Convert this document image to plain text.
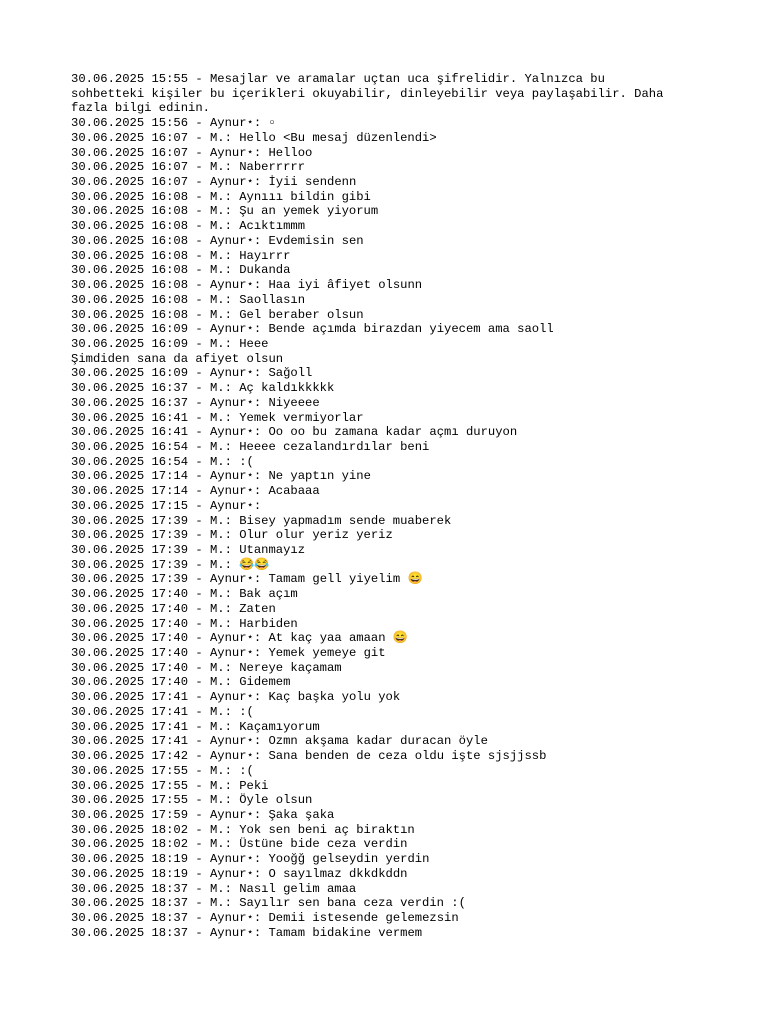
30.06.2025 15:55 - Mesajlar ve aramalar uçtan uca şifrelidir. Yalnızca bu
sohbetteki kişiler bu içerikleri okuyabilir, dinleyebilir veya paylaşabilir. Daha
fazla bilgi edinin.
30.06.2025 15:56 - Aynur⋆: ▫
30.06.2025 16:07 - M.: Hello <Bu mesaj düzenlendi>
30.06.2025 16:07 - Aynur⋆: Helloo
30.06.2025 16:07 - M.: Naberrrrr
30.06.2025 16:07 - Aynur⋆: İyii sendenn
30.06.2025 16:08 - M.: Aynııı bildin gibi
30.06.2025 16:08 - M.: Şu an yemek yiyorum
30.06.2025 16:08 - M.: Acıktımmm
30.06.2025 16:08 - Aynur⋆: Evdemisin sen
30.06.2025 16:08 - M.: Hayırrr
30.06.2025 16:08 - M.: Dukanda
30.06.2025 16:08 - Aynur⋆: Haa iyi âfiyet olsunn
30.06.2025 16:08 - M.: Saollasın
30.06.2025 16:08 - M.: Gel beraber olsun
30.06.2025 16:09 - Aynur⋆: Bende açımda birazdan yiyecem ama saoll
30.06.2025 16:09 - M.: Heee
Şimdiden sana da afiyet olsun
30.06.2025 16:09 - Aynur⋆: Sağoll
30.06.2025 16:37 - M.: Aç kaldıkkkkk
30.06.2025 16:37 - Aynur⋆: Niyeeee
30.06.2025 16:41 - M.: Yemek vermiyorlar
30.06.2025 16:41 - Aynur⋆: Oo oo bu zamana kadar açmı duruyon
30.06.2025 16:54 - M.: Heeee cezalandırdılar beni
30.06.2025 16:54 - M.: :(
30.06.2025 17:14 - Aynur⋆: Ne yaptın yine
30.06.2025 17:14 - Aynur⋆: Acabaaa
30.06.2025 17:15 - Aynur⋆:
30.06.2025 17:39 - M.: Bisey yapmadım sende muaberek
30.06.2025 17:39 - M.: Olur olur yeriz yeriz
30.06.2025 17:39 - M.: Utanmayız
30.06.2025 17:39 - M.: 😂😂
30.06.2025 17:39 - Aynur⋆: Tamam gell yiyelim 😄
30.06.2025 17:40 - M.: Bak açım
30.06.2025 17:40 - M.: Zaten
30.06.2025 17:40 - M.: Harbiden
30.06.2025 17:40 - Aynur⋆: At kaç yaa amaan 😄
30.06.2025 17:40 - Aynur⋆: Yemek yemeye git
30.06.2025 17:40 - M.: Nereye kaçamam
30.06.2025 17:40 - M.: Gidemem
30.06.2025 17:41 - Aynur⋆: Kaç başka yolu yok
30.06.2025 17:41 - M.: :(
30.06.2025 17:41 - M.: Kaçamıyorum
30.06.2025 17:41 - Aynur⋆: Ozmn akşama kadar duracan öyle
30.06.2025 17:42 - Aynur⋆: Sana benden de ceza oldu işte sjsjjssb
30.06.2025 17:55 - M.: :(
30.06.2025 17:55 - M.: Peki
30.06.2025 17:55 - M.: Öyle olsun
30.06.2025 17:59 - Aynur⋆: Şaka şaka
30.06.2025 18:02 - M.: Yok sen beni aç biraktın
30.06.2025 18:02 - M.: Üstüne bide ceza verdin
30.06.2025 18:19 - Aynur⋆: Yooğğ gelseydin yerdin
30.06.2025 18:19 - Aynur⋆: O sayılmaz dkkdkddn
30.06.2025 18:37 - M.: Nasıl gelim amaa
30.06.2025 18:37 - M.: Sayılır sen bana ceza verdin :(
30.06.2025 18:37 - Aynur⋆: Demii istesende gelemezsin
30.06.2025 18:37 - Aynur⋆: Tamam bidakine vermem
